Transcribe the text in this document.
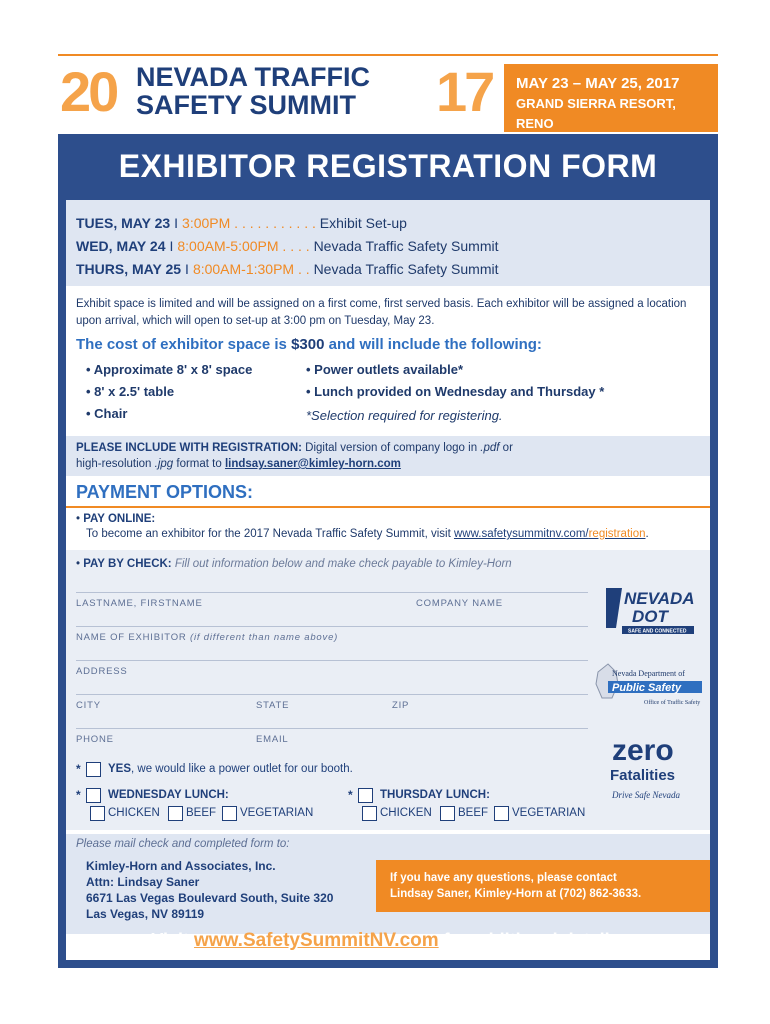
20 NEVADA TRAFFIC
SAFETY SUMMIT 17 MAY 23 – MAY 25, 2017
GRAND SIERRA RESORT, RENO
EXHIBITOR REGISTRATION FORM
TUES, MAY 23 I 3:00PM . . . . . . . . . . . Exhibit Set-up
WED, MAY 24 I 8:00AM-5:00PM . . . . Nevada Traffic Safety Summit
THURS, MAY 25 I 8:00AM-1:30PM . . Nevada Traffic Safety Summit
Exhibit space is limited and will be assigned on a first come, first served basis. Each exhibitor will be assigned a location upon arrival, which will open to set-up at 3:00 pm on Tuesday, May 23.
The cost of exhibitor space is $300 and will include the following:
• Approximate 8' x 8' space
• 8' x 2.5' table
• Chair
• Power outlets available*
• Lunch provided on Wednesday and Thursday *
*Selection required for registering.
PLEASE INCLUDE WITH REGISTRATION: Digital version of company logo in .pdf or
high-resolution .jpg format to lindsay.saner@kimley-horn.com
PAYMENT OPTIONS:
• PAY ONLINE:
To become an exhibitor for the 2017 Nevada Traffic Safety Summit, visit www.safetysummitnv.com/registration.
• PAY BY CHECK: Fill out information below and make check payable to Kimley-Horn
LASTNAME, FIRSTNAME	COMPANY NAME
NAME OF EXHIBITOR (if different than name above)
ADDRESS
CITY	STATE	ZIP
PHONE	EMAIL
* YES, we would like a power outlet for our booth.
* WEDNESDAY LUNCH:
CHICKEN BEEF VEGETARIAN
* THURSDAY LUNCH:
CHICKEN BEEF VEGETARIAN
NEVADA
DOT
SAFE AND CONNECTED
Nevada Department of
Public Safety
Office of Traffic Safety
zero
Fatalities
Drive Safe Nevada
Please mail check and completed form to:
Kimley-Horn and Associates, Inc.
Attn: Lindsay Saner
6671 Las Vegas Boulevard South, Suite 320
Las Vegas, NV 89119
If you have any questions, please contact
Lindsay Saner, Kimley-Horn at (702) 862-3633.
Visit www.SafetySummitNV.com for additional details.
